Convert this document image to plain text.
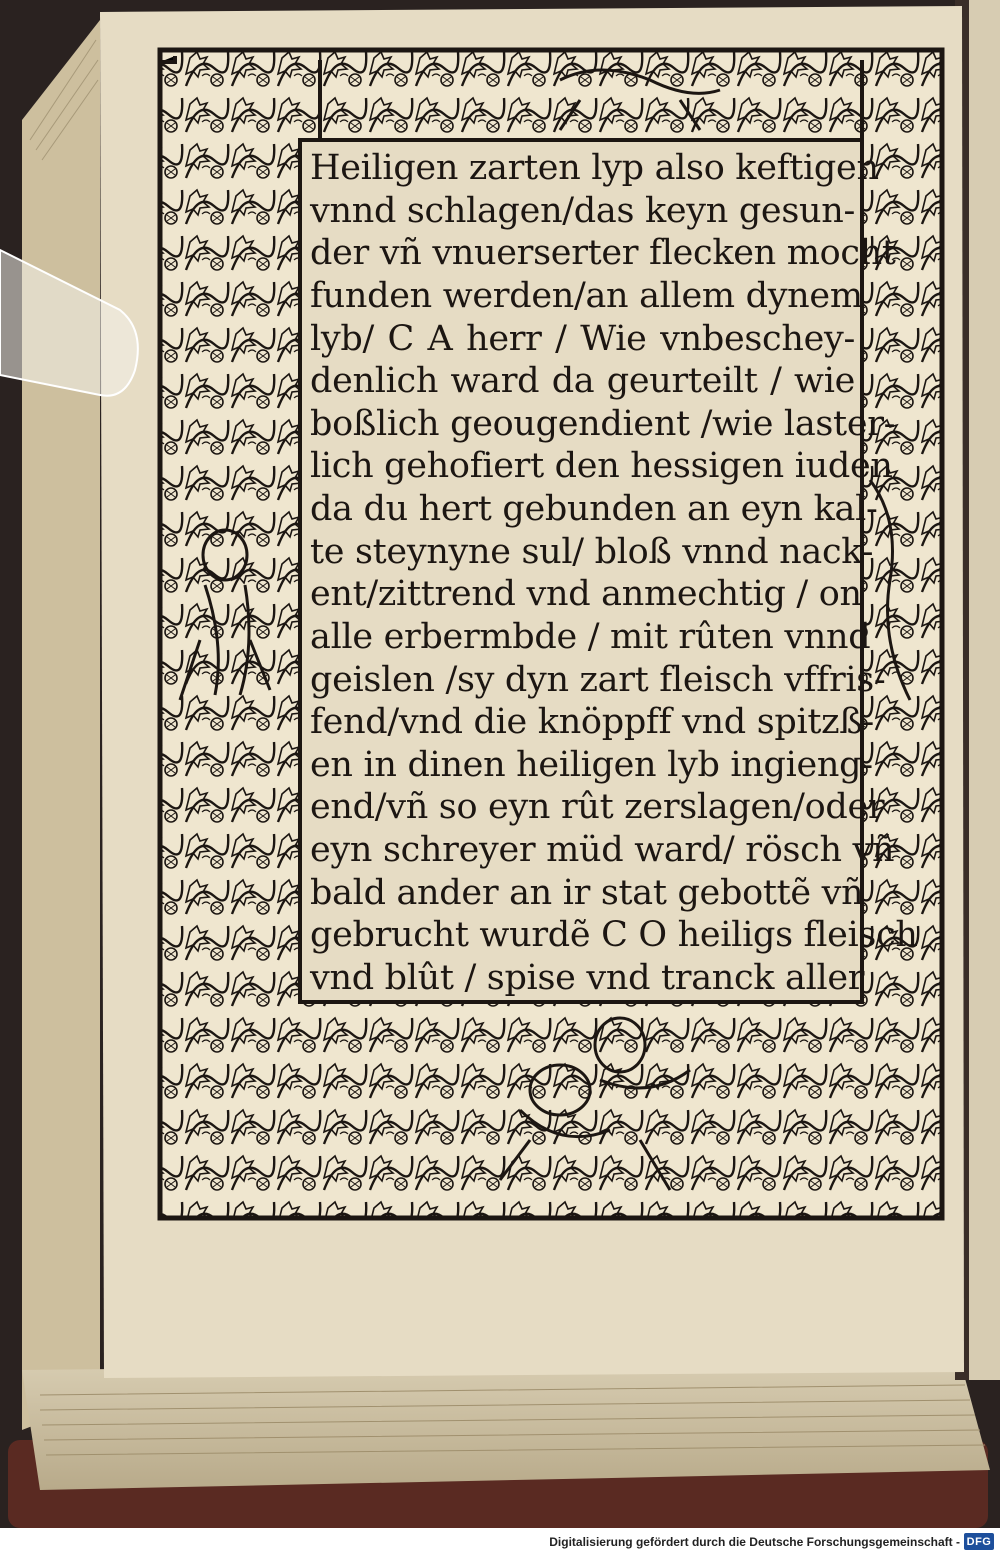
Heiligen zarten lyp also keftigen
vnnd schlagen/das keyn gesun-
der vñ vnuerserter flecken mocht
funden werden/an allem dynem
lyb/ C A herr / Wie vnbeschey-
denlich ward da geurteilt / wie
boßlich geougendient /wie laster-
lich gehofiert den hessigen iuden
da du hert gebunden an eyn kal-
te steynyne sul/ bloß vnnd nack-
ent/zittrend vnd anmechtig / on
alle erbermbde / mit rûten vnnd
geislen /sy dyn zart fleisch vffris-
fend/vnd die knöppff vnd spitzß-
en in dinen heiligen lyb ingieng-
end/vñ so eyn rût zerslagen/oder
eyn schreyer müd ward/ rösch vñ
bald ander an ir stat gebottẽ vñ
gebrucht wurdẽ C O heiligs fleisch
vnd blût / spise vnd tranck aller
Digitalisierung gefördert durch die Deutsche Forschungsgemeinschaft - DFG
